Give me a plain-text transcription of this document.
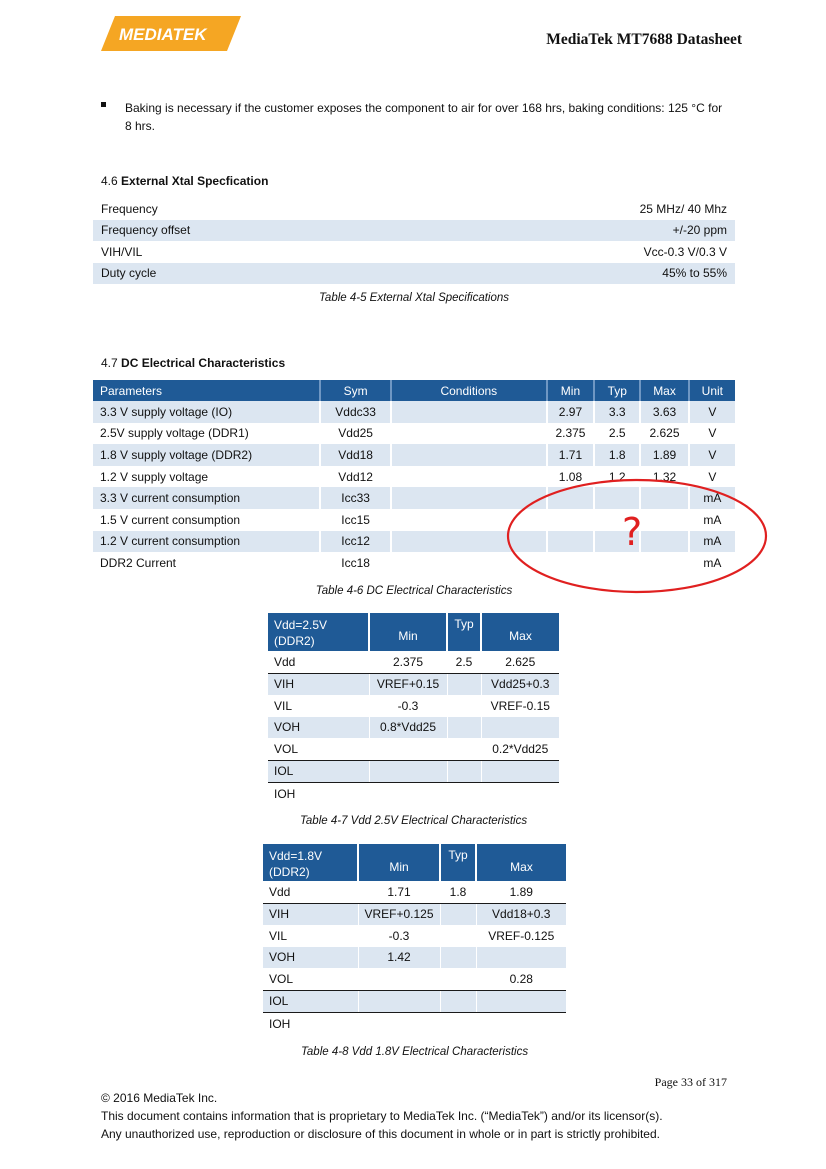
MEDIATEK	MediaTek MT7688 Datasheet
Baking is necessary if the customer exposes the component to air for over 168 hrs, baking conditions: 125 °C for 8 hrs.
4.6 External Xtal Specfication
Frequency	25 MHz/ 40 Mhz
Frequency offset	+/-20 ppm
VIH/VIL	Vcc-0.3 V/0.3 V
Duty cycle	45% to 55%
Table 4-5 External Xtal Specifications
4.7 DC Electrical Characteristics
Parameters	Sym	Conditions	Min	Typ	Max	Unit
3.3 V supply voltage (IO)	Vddc33		2.97	3.3	3.63	V
2.5V supply voltage (DDR1)	Vdd25		2.375	2.5	2.625	V
1.8 V supply voltage (DDR2)	Vdd18		1.71	1.8	1.89	V
1.2 V supply voltage	Vdd12		1.08	1.2	1.32	V
3.3 V current consumption	Icc33					mA
1.5 V current consumption	Icc15					mA
1.2 V current consumption	Icc12					mA
DDR2 Current	Icc18					mA
?
Table 4-6 DC Electrical Characteristics
Vdd=2.5V (DDR2)	Min	Typ	Max
Vdd	2.375	2.5	2.625
VIH	VREF+0.15		Vdd25+0.3
VIL	-0.3		VREF-0.15
VOH	0.8*Vdd25		
VOL			0.2*Vdd25
IOL			
IOH			
Table 4-7 Vdd 2.5V Electrical Characteristics
Vdd=1.8V (DDR2)	Min	Typ	Max
Vdd	1.71	1.8	1.89
VIH	VREF+0.125		Vdd18+0.3
VIL	-0.3		VREF-0.125
VOH	1.42		
VOL			0.28
IOL			
IOH			
Table 4-8 Vdd 1.8V Electrical Characteristics
Page 33 of 317
© 2016 MediaTek Inc.
This document contains information that is proprietary to MediaTek Inc. (“MediaTek”) and/or its licensor(s).
Any unauthorized use, reproduction or disclosure of this document in whole or in part is strictly prohibited.
